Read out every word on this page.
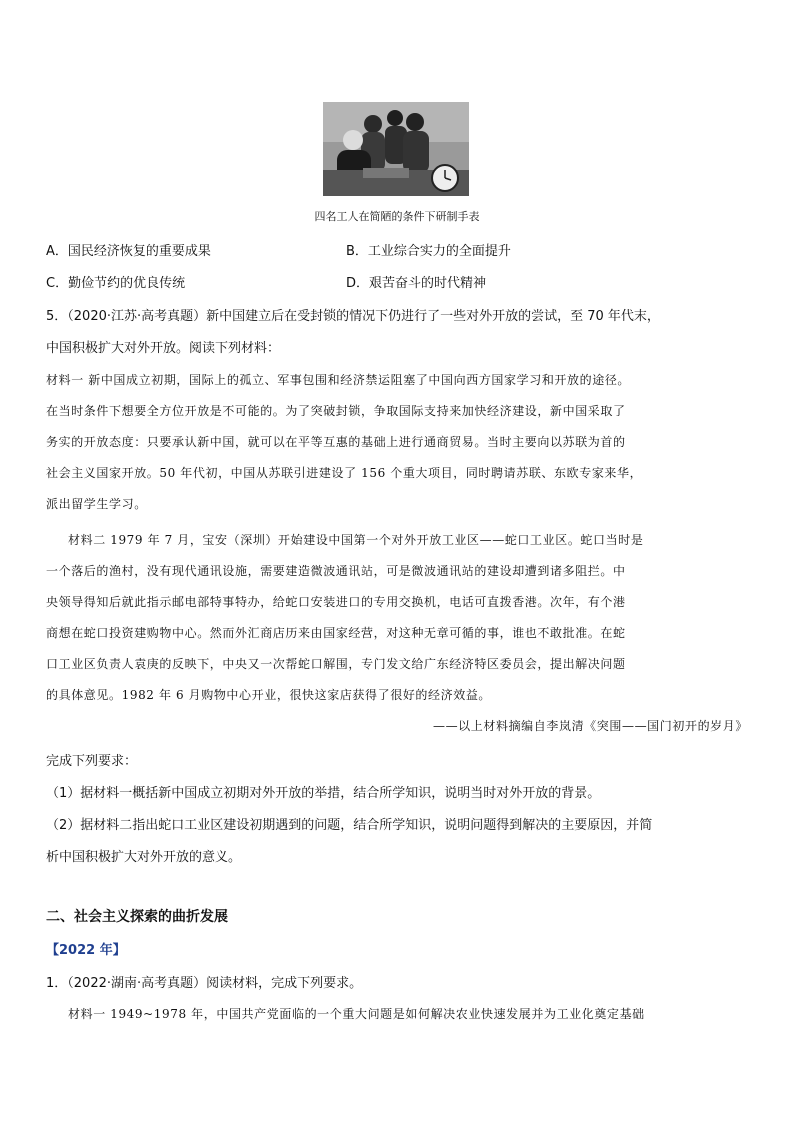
四名工人在简陋的条件下研制手表
A．国民经济恢复的重要成果	B．工业综合实力的全面提升
C．勤俭节约的优良传统	D．艰苦奋斗的时代精神
5．（2020·江苏·高考真题）新中国建立后在受封锁的情况下仍进行了一些对外开放的尝试，至 70 年代末，
中国积极扩大对外开放。阅读下列材料：
材料一 新中国成立初期，国际上的孤立、军事包围和经济禁运阻塞了中国向西方国家学习和开放的途径。
在当时条件下想要全方位开放是不可能的。为了突破封锁，争取国际支持来加快经济建设，新中国采取了
务实的开放态度：只要承认新中国，就可以在平等互惠的基础上进行通商贸易。当时主要向以苏联为首的
社会主义国家开放。50 年代初，中国从苏联引进建设了 156 个重大项目，同时聘请苏联、东欧专家来华，
派出留学生学习。
材料二 1979 年 7 月，宝安（深圳）开始建设中国第一个对外开放工业区——蛇口工业区。蛇口当时是
一个落后的渔村，没有现代通讯设施，需要建造微波通讯站，可是微波通讯站的建设却遭到诸多阻拦。中
央领导得知后就此指示邮电部特事特办，给蛇口安装进口的专用交换机，电话可直拨香港。次年，有个港
商想在蛇口投资建购物中心。然而外汇商店历来由国家经营，对这种无章可循的事，谁也不敢批准。在蛇
口工业区负责人袁庚的反映下，中央又一次帮蛇口解围，专门发文给广东经济特区委员会，提出解决问题
的具体意见。1982 年 6 月购物中心开业，很快这家店获得了很好的经济效益。
——以上材料摘编自李岚清《突围——国门初开的岁月》
完成下列要求：
（1）据材料一概括新中国成立初期对外开放的举措，结合所学知识，说明当时对外开放的背景。
（2）据材料二指出蛇口工业区建设初期遇到的问题，结合所学知识，说明问题得到解决的主要原因，并简
析中国积极扩大对外开放的意义。
二、社会主义探索的曲折发展
【2022 年】
1．（2022·湖南·高考真题）阅读材料，完成下列要求。
材料一 1949~1978 年，中国共产党面临的一个重大问题是如何解决农业快速发展并为工业化奠定基础
